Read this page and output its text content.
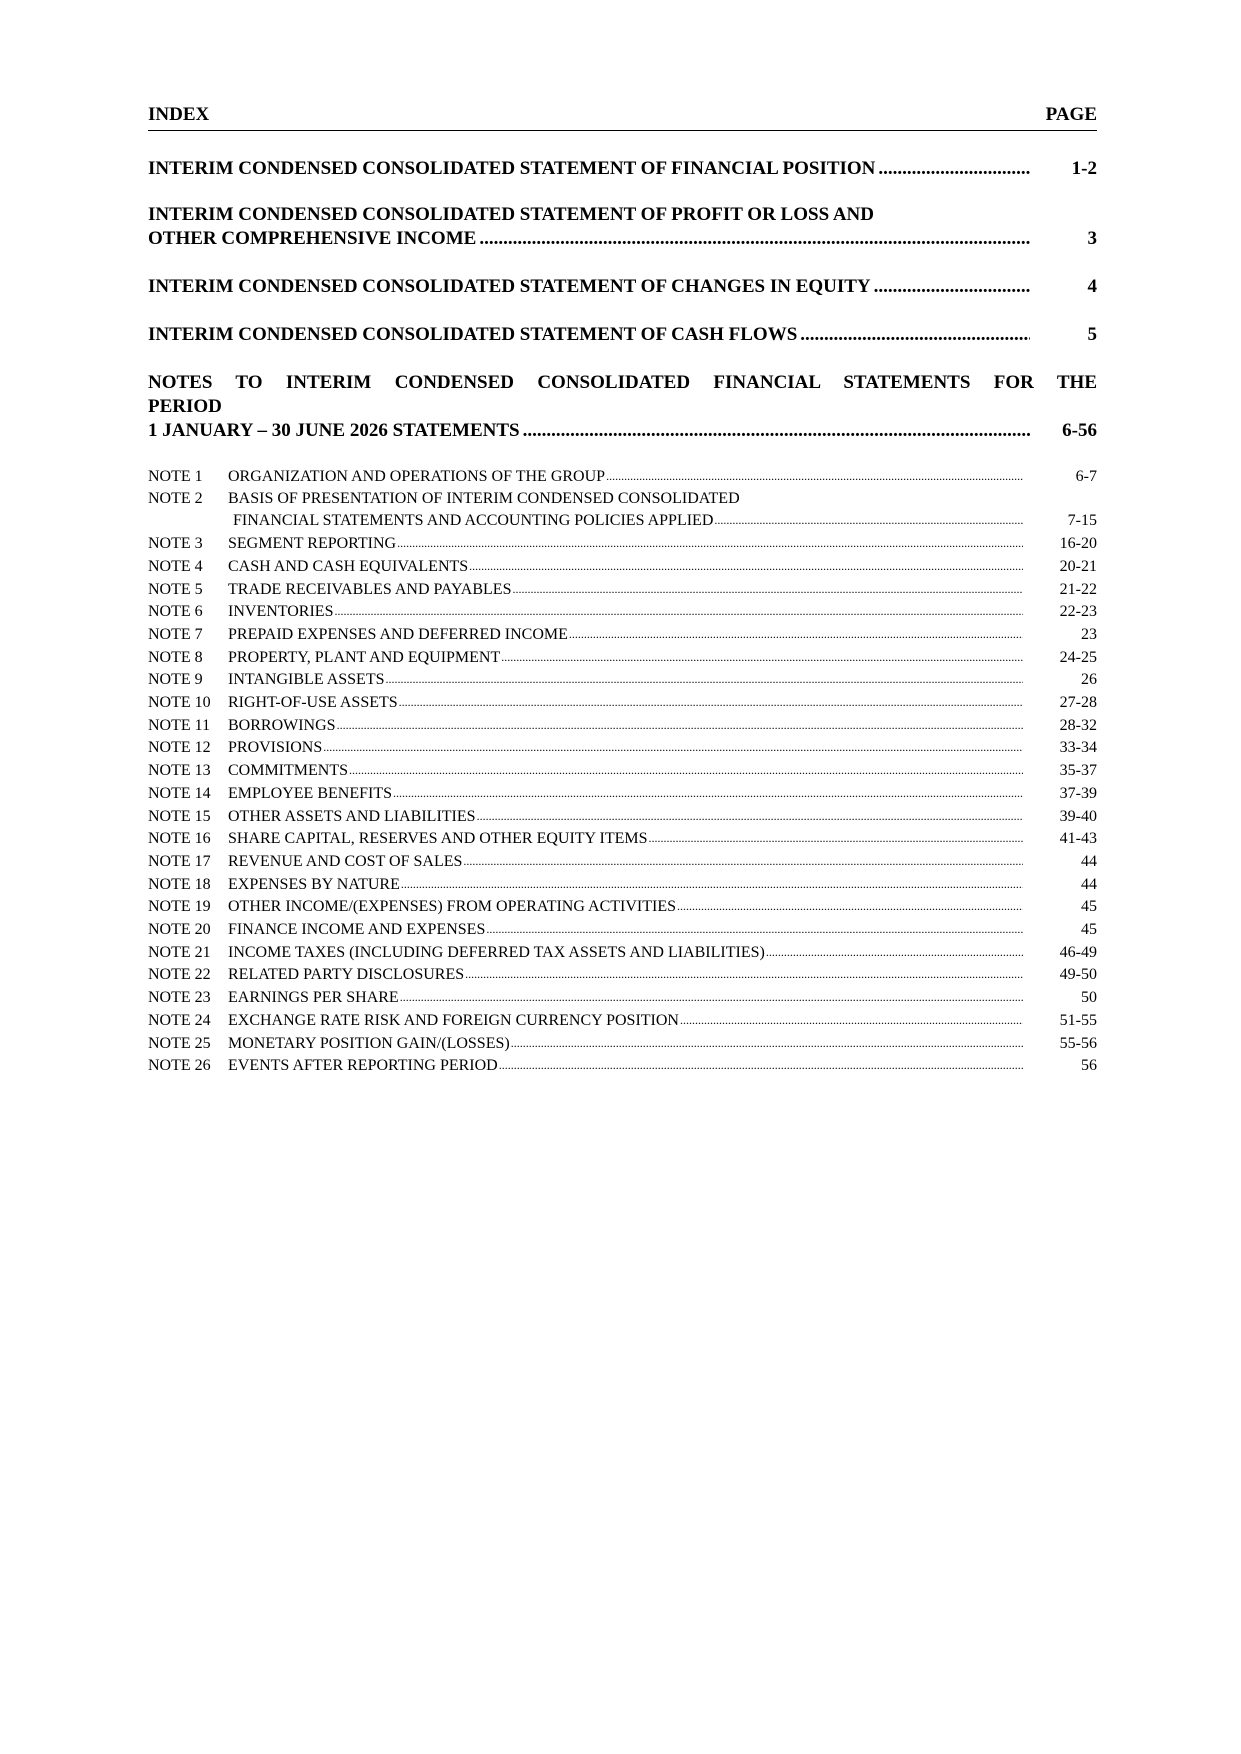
INDEX	PAGE
INTERIM CONDENSED CONSOLIDATED STATEMENT OF FINANCIAL POSITION .....	1-2
INTERIM CONDENSED CONSOLIDATED STATEMENT OF PROFIT OR LOSS AND
OTHER COMPREHENSIVE INCOME .....	3
INTERIM CONDENSED CONSOLIDATED STATEMENT OF CHANGES IN EQUITY .....	4
INTERIM CONDENSED CONSOLIDATED STATEMENT OF CASH FLOWS .....	5
NOTES TO INTERIM CONDENSED CONSOLIDATED FINANCIAL STATEMENTS FOR THE
PERIOD
1 JANUARY – 30 JUNE 2026 STATEMENTS .....	6-56
NOTE 1	ORGANIZATION AND OPERATIONS OF THE GROUP .....	6-7
NOTE 2	BASIS OF PRESENTATION OF INTERIM CONDENSED CONSOLIDATED
FINANCIAL STATEMENTS AND ACCOUNTING POLICIES APPLIED .....	7-15
NOTE 3	SEGMENT REPORTING .....	16-20
NOTE 4	CASH AND CASH EQUIVALENTS .....	20-21
NOTE 5	TRADE RECEIVABLES AND PAYABLES .....	21-22
NOTE 6	INVENTORIES .....	22-23
NOTE 7	PREPAID EXPENSES AND DEFERRED INCOME .....	23
NOTE 8	PROPERTY, PLANT AND EQUIPMENT .....	24-25
NOTE 9	INTANGIBLE ASSETS .....	26
NOTE 10	RIGHT-OF-USE ASSETS .....	27-28
NOTE 11	BORROWINGS .....	28-32
NOTE 12	PROVISIONS .....	33-34
NOTE 13	COMMITMENTS .....	35-37
NOTE 14	EMPLOYEE BENEFITS .....	37-39
NOTE 15	OTHER ASSETS AND LIABILITIES .....	39-40
NOTE 16	SHARE CAPITAL, RESERVES AND OTHER EQUITY ITEMS .....	41-43
NOTE 17	REVENUE AND COST OF SALES .....	44
NOTE 18	EXPENSES BY NATURE .....	44
NOTE 19	OTHER INCOME/(EXPENSES) FROM OPERATING ACTIVITIES .....	45
NOTE 20	FINANCE INCOME AND EXPENSES .....	45
NOTE 21	INCOME TAXES (INCLUDING DEFERRED TAX ASSETS AND LIABILITIES) .....	46-49
NOTE 22	RELATED PARTY DISCLOSURES .....	49-50
NOTE 23	EARNINGS PER SHARE .....	50
NOTE 24	EXCHANGE RATE RISK AND FOREIGN CURRENCY POSITION .....	51-55
NOTE 25	MONETARY POSITION GAIN/(LOSSES) .....	55-56
NOTE 26	EVENTS AFTER REPORTING PERIOD .....	56
